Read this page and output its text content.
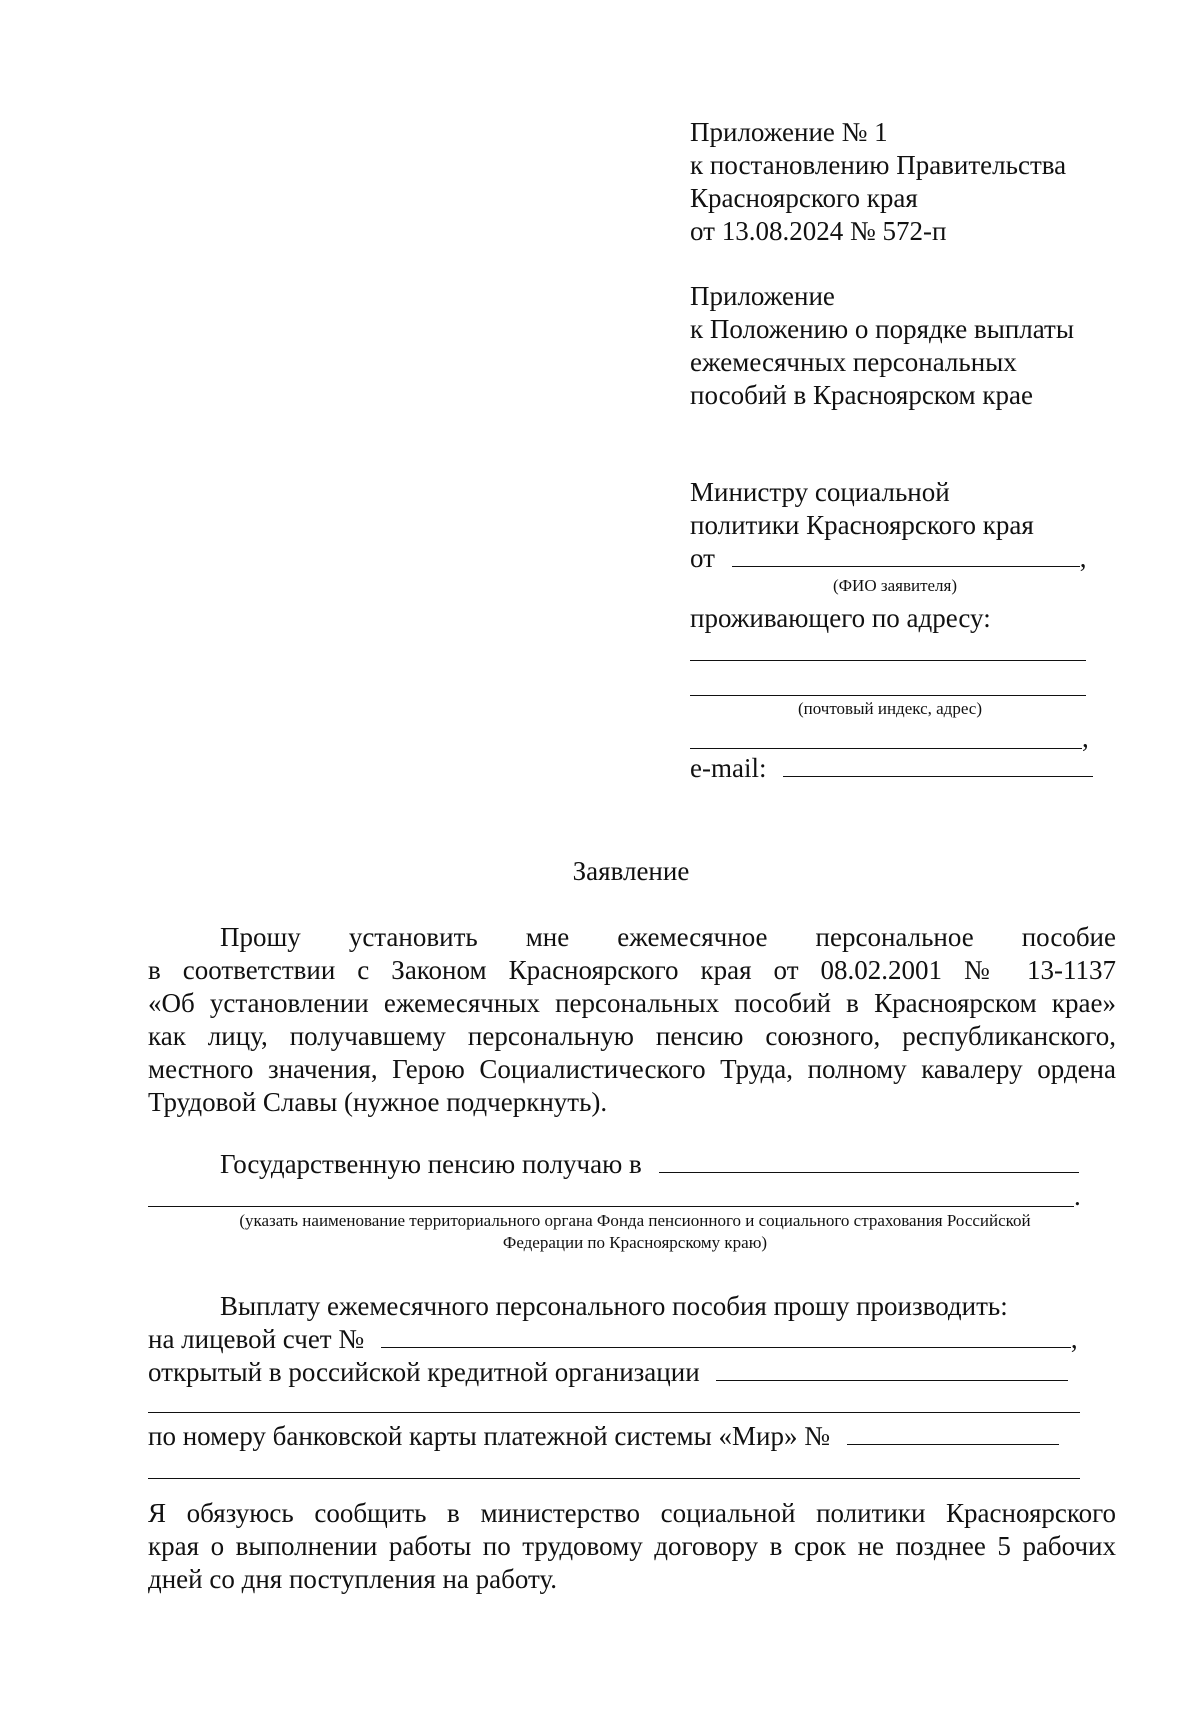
Приложение № 1
к постановлению Правительства
Красноярского края
от 13.08.2024 № 572-п
Приложение
к Положению о порядке выплаты
ежемесячных персональных
пособий в Красноярском крае
Министру социальной
политики Красноярского края
от	,
(ФИО заявителя)
проживающего по адресу:
(почтовый индекс, адрес)
,
e-mail:
Заявление
Прошу установить мне ежемесячное персональное пособие
в соответствии с Законом Красноярского края от 08.02.2001 № 13-1137
«Об установлении ежемесячных персональных пособий в Красноярском крае»
как лицу, получавшему персональную пенсию союзного, республиканского,
местного значения, Герою Социалистического Труда, полному кавалеру ордена
Трудовой Славы (нужное подчеркнуть).
Государственную пенсию получаю в
.
(указать наименование территориального органа Фонда пенсионного и социального страхования Российской
Федерации по Красноярскому краю)
Выплату ежемесячного персонального пособия прошу производить:
на лицевой счет №	,
открытый в российской кредитной организации
по номеру банковской карты платежной системы «Мир» №
Я обязуюсь сообщить в министерство социальной политики Красноярского
края о выполнении работы по трудовому договору в срок не позднее 5 рабочих
дней со дня поступления на работу.
